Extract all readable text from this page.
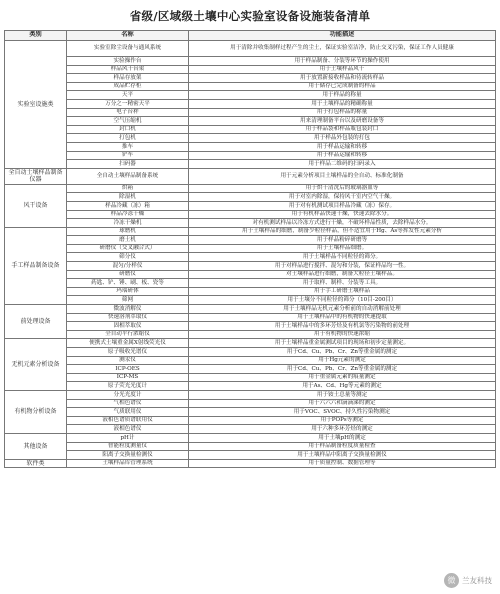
省级/区域级土壤中心实验室设备设施装备清单
类别	名称	功能描述
实验室设施类	实验室除尘设备与通风系统	用于清除并收集制样过程产生的尘土，保证实验室洁净，防止交叉污染，保证工作人员健康
	实验操作台	用于样品制备、分装等环节的操作使用
	样品风干台架	用于土壤样品风干
	样品存放架	用于放置新接收样品和待流转样品
	成品贮存柜	用于储存已完成制备的样品
	天平	用于样品的称量
	万分之一精密天平	用于土壤样品的精确称量
	电子台秤	用于打包样品的称量
	空气压缩机	用来清理制备平台以及研磨设备等
	封口机	用于样品袋和样品瓶包装封口
	打包机	用于样品外包装的打包
	推车	用于样品运输和转移
	铲车	用于样品运输和转移
	扫码器	用于样品二维码的扫码录入
全自动土壤样品制备仪器	全自动土壤样品制备系统	用于元素分析项目土壤样品的全自动、标准化制备
风干设备	烘箱	用于烘干清洗后的玻璃器皿等
	除湿机	用于对室内除湿，保持风干室内空气干燥。
	样品冷藏（冻）箱	用于对有机测试项目样品冷藏（冻）保存。
	样品冷冻干燥	用于有机样品快速干燥，快速去除水分。
	冷冻干燥机	对有机测试样品以冷冻方式进行干燥，不破坏样品性质，去除样品水分。
手工样品制备设备	球磨机	用于土壤样品的细磨，制备少粒径样品，但不适宜用于Hg、As等挥发性元素分析
	磨土机	用于样品粉碎研磨等
	研磨仪（交叉融合式）	用于土壤样品细磨。
	筛分仪	用于土壤样品不同粒径的筛分。
	混匀/分样仪	用于对样品进行搅拌、混匀和分装，保证样品均一性。
	研磨仪	对土壤样品进行细磨，制备大粒径土壤样品。
	药匙、铲、锤、刷、板、瓷等	用于取样、制样、分装等工具。
	玛瑙研体	用于手工研磨土壤样品
	筛网	用于土壤分不同粒径的筛分（10目-200目）
前处理设备	微波消解仪	用于土壤样品无机元素分析前的自动消解前处理
	快速溶剂萃取仪	用于土壤样品中的有机物的快速提取
	固相萃取仪	用于土壤样品中的多环芳烃及有机氯等污染物的前处理
	全自动平行浓缩仪	用于有机物的快速浓缩
无机元素分析设备	便携式土壤重金属X射线荧光仪	用于土壤样品重金属测试项目的现场和初步定量测定。
	原子吸收光谱仪	用于Cd、Cu、Pb、Cr、Zn等重金属的测定
	测汞仪	用于Hg元素的测定
	ICP-OES	用于Cd、Cu、Pb、Cr、Zn等重金属的测定
	ICP-MS	用于重金属元素的痕量测定
	原子荧光光度计	用于As、Cd、Hg等元素的测定
有机物分析设备	分光光度计	用于铵土总量等测定
	气相色谱仪	用于六六六和滴滴涕的测定
	气质联用仪	用于VOC、SVOC、持久性污染物测定
	液相色谱质谱联用仪	用于POPs等测定
	液相色谱仪	用于六种多环芳烃的测定
其他设备	pH计	用于土壤pH的测定
	智能粒度测量仪	用于样品制备粒度质量检查
	阳离子交换量检测仪	用于土壤样品中阳离子交换量检测仪
软件类	土壤样品库管理系统	用于质量控制、数据管理等
微 兰友科技
